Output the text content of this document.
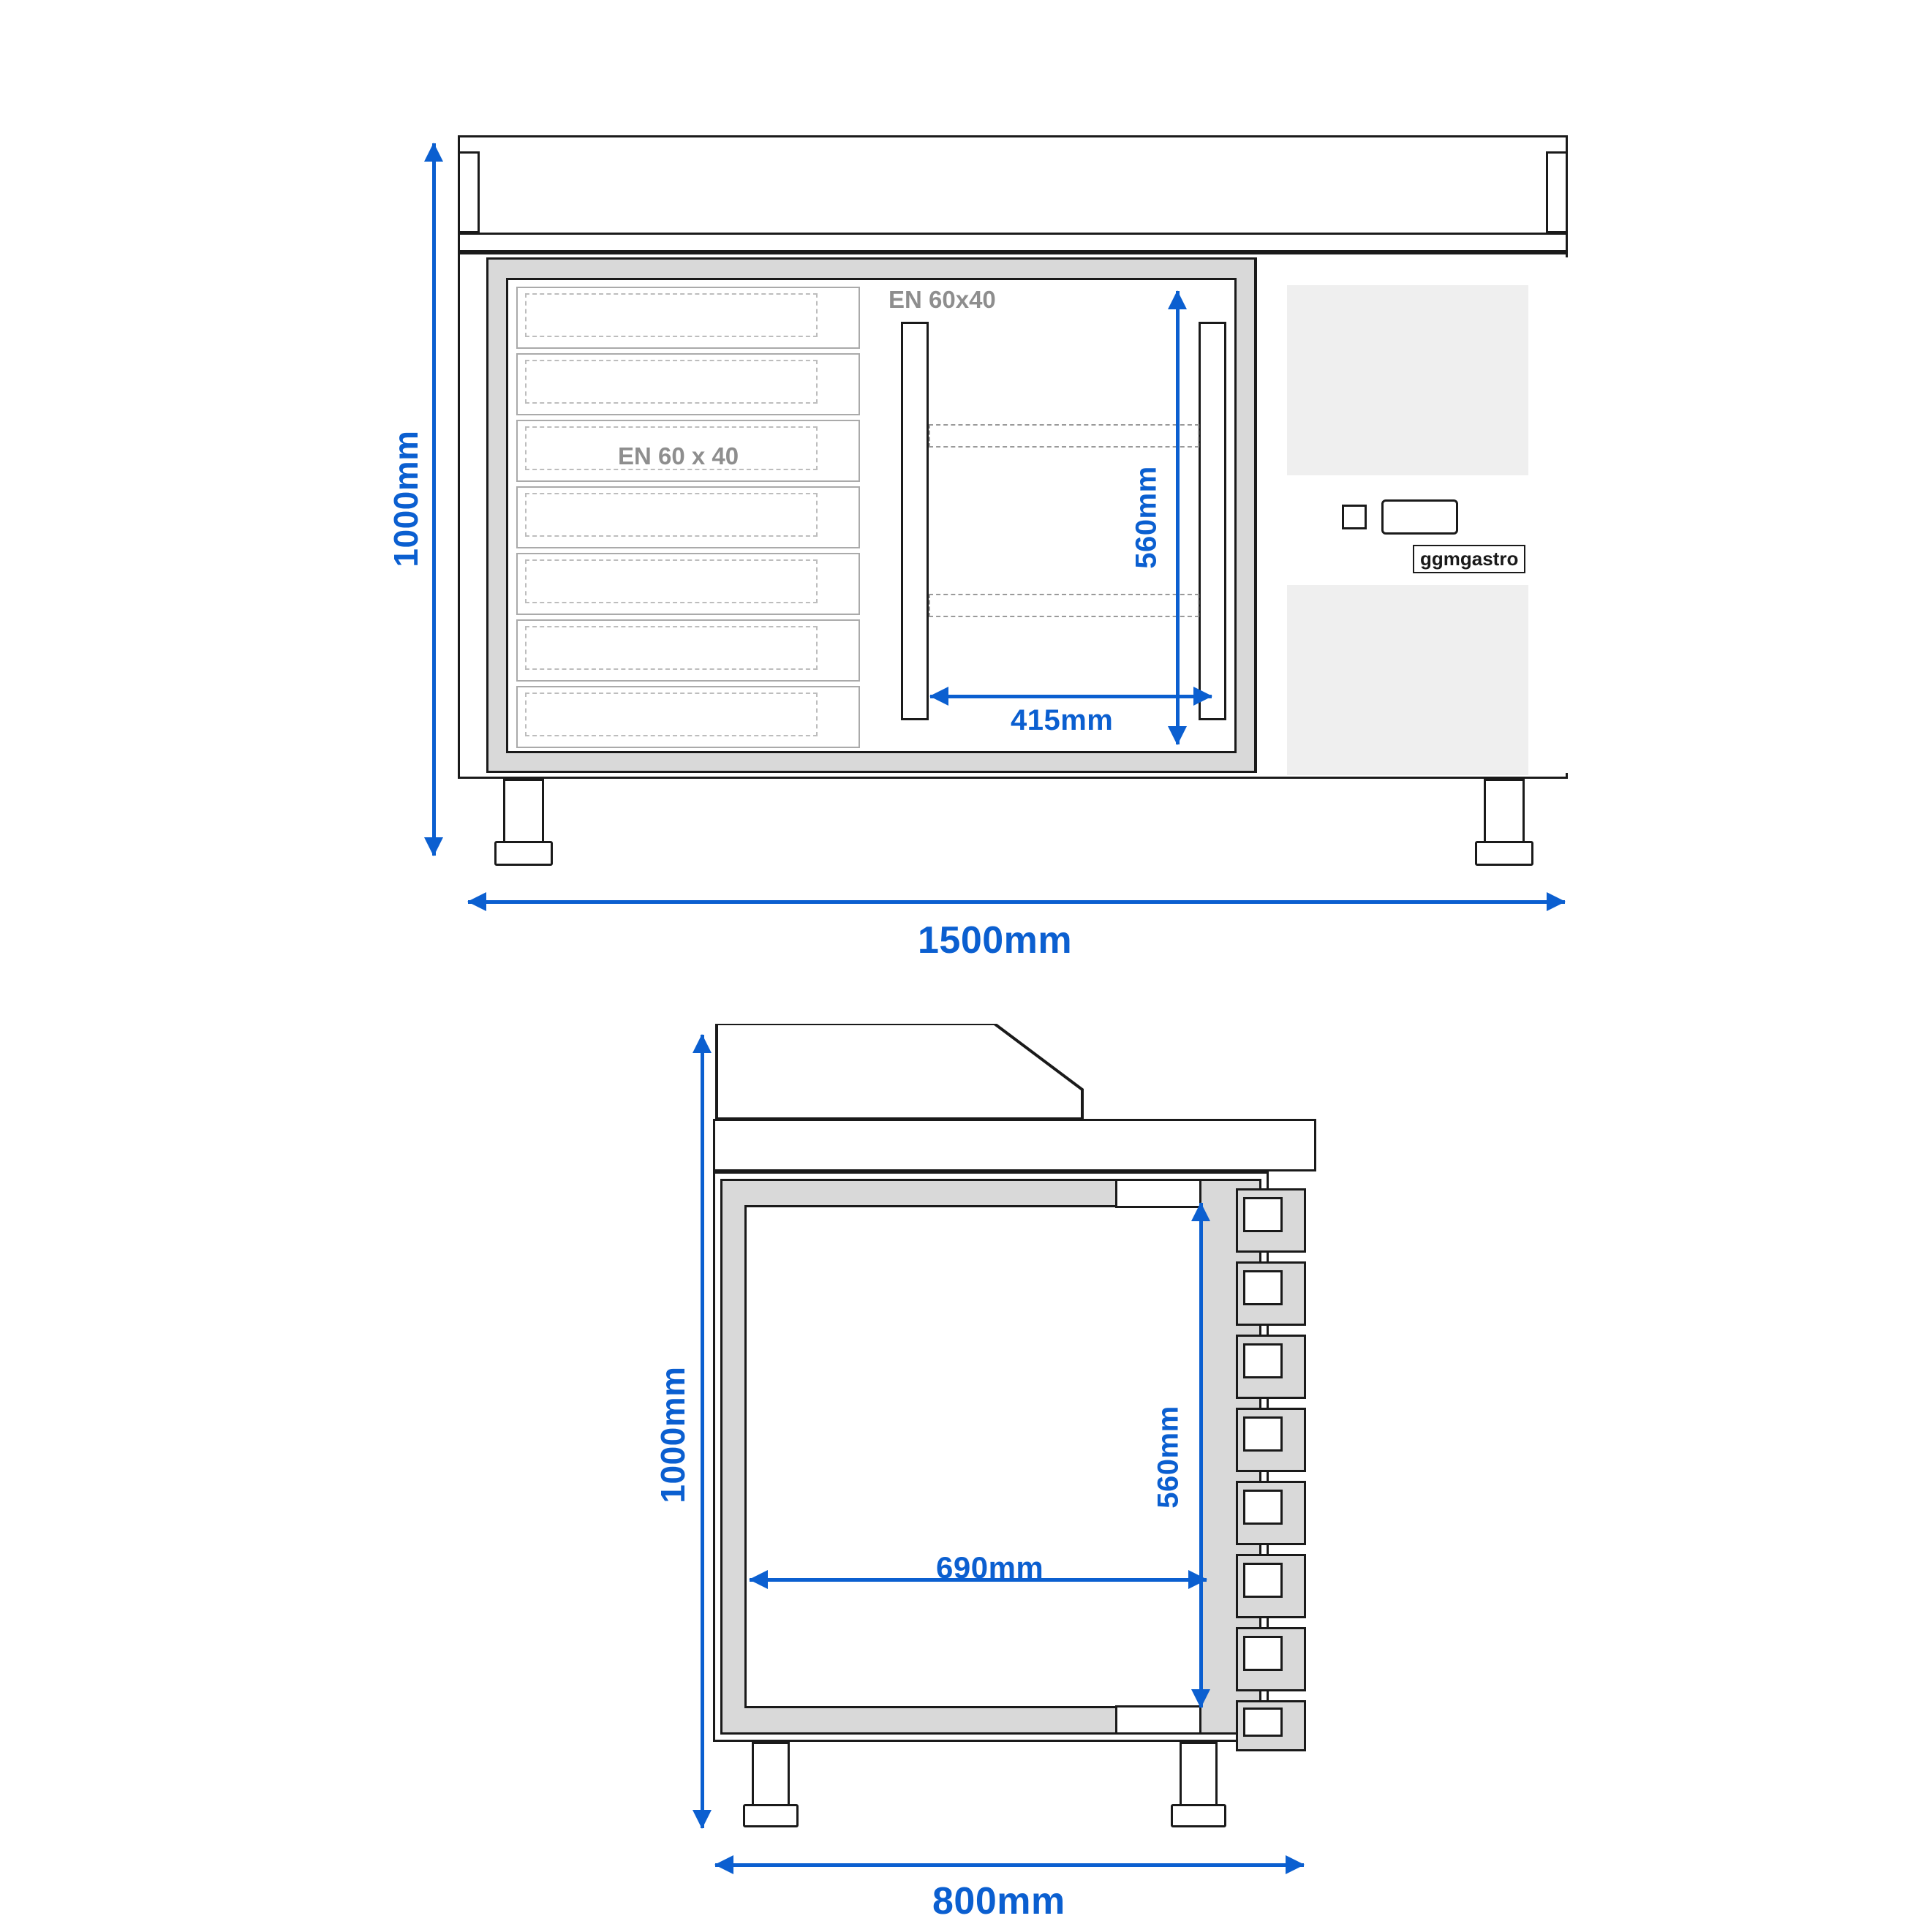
EN 60 x 40
EN 60x40
ggmgastro
1000mm
1500mm
560mm
415mm
1000mm
800mm
560mm
690mm
